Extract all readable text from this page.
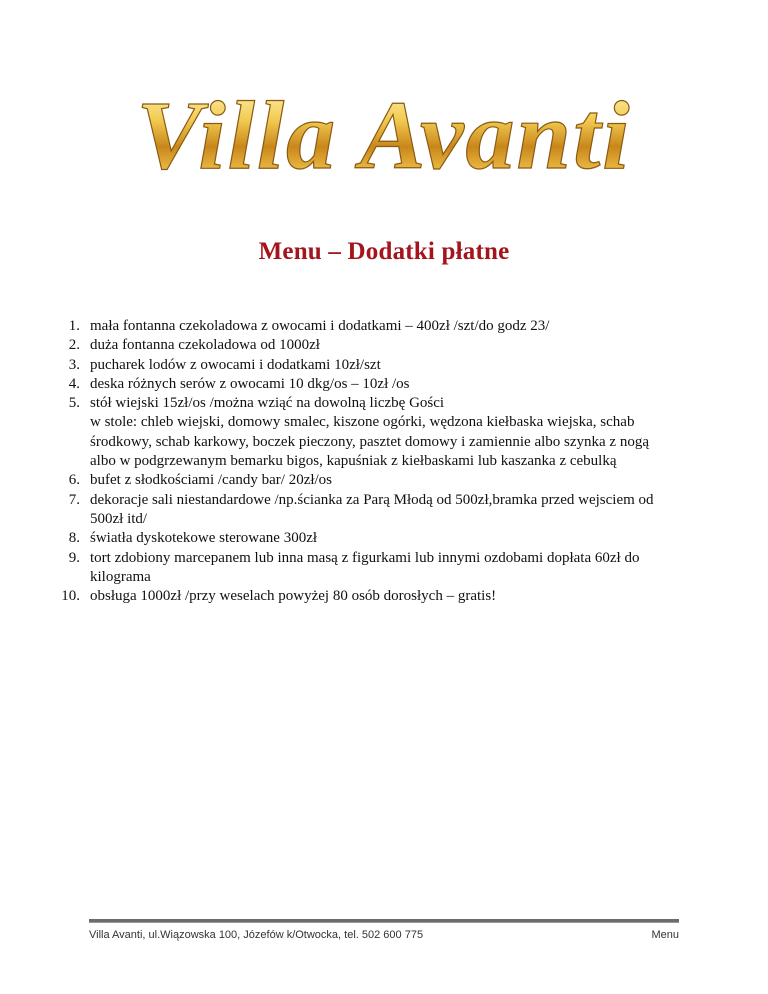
Villa Avanti
Menu – Dodatki płatne
1. mała fontanna czekoladowa z owocami i dodatkami – 400zł /szt/do godz 23/
2. duża fontanna czekoladowa od 1000zł
3. pucharek lodów z owocami i dodatkami 10zł/szt
4. deska różnych serów z owocami 10 dkg/os – 10zł /os
5. stół wiejski 15zł/os /można wziąć na dowolną liczbę Gości
w stole: chleb wiejski, domowy smalec, kiszone ogórki, wędzona kiełbaska wiejska, schab
środkowy, schab karkowy, boczek pieczony, pasztet domowy i zamiennie albo szynka z nogą
albo w podgrzewanym bemarku bigos, kapuśniak z kiełbaskami lub kaszanka z cebulką
6. bufet z słodkościami /candy bar/ 20zł/os
7. dekoracje sali niestandardowe /np.ścianka za Parą Młodą od 500zł,bramka przed wejsciem od
500zł itd/
8. światła dyskotekowe sterowane 300zł
9. tort zdobiony marcepanem lub inna masą z figurkami lub innymi ozdobami dopłata 60zł do
kilograma
10. obsługa 1000zł /przy weselach powyżej 80 osób dorosłych – gratis!
Villa Avanti, ul.Wiązowska 100, Józefów k/Otwocka, tel. 502 600 775	Menu
